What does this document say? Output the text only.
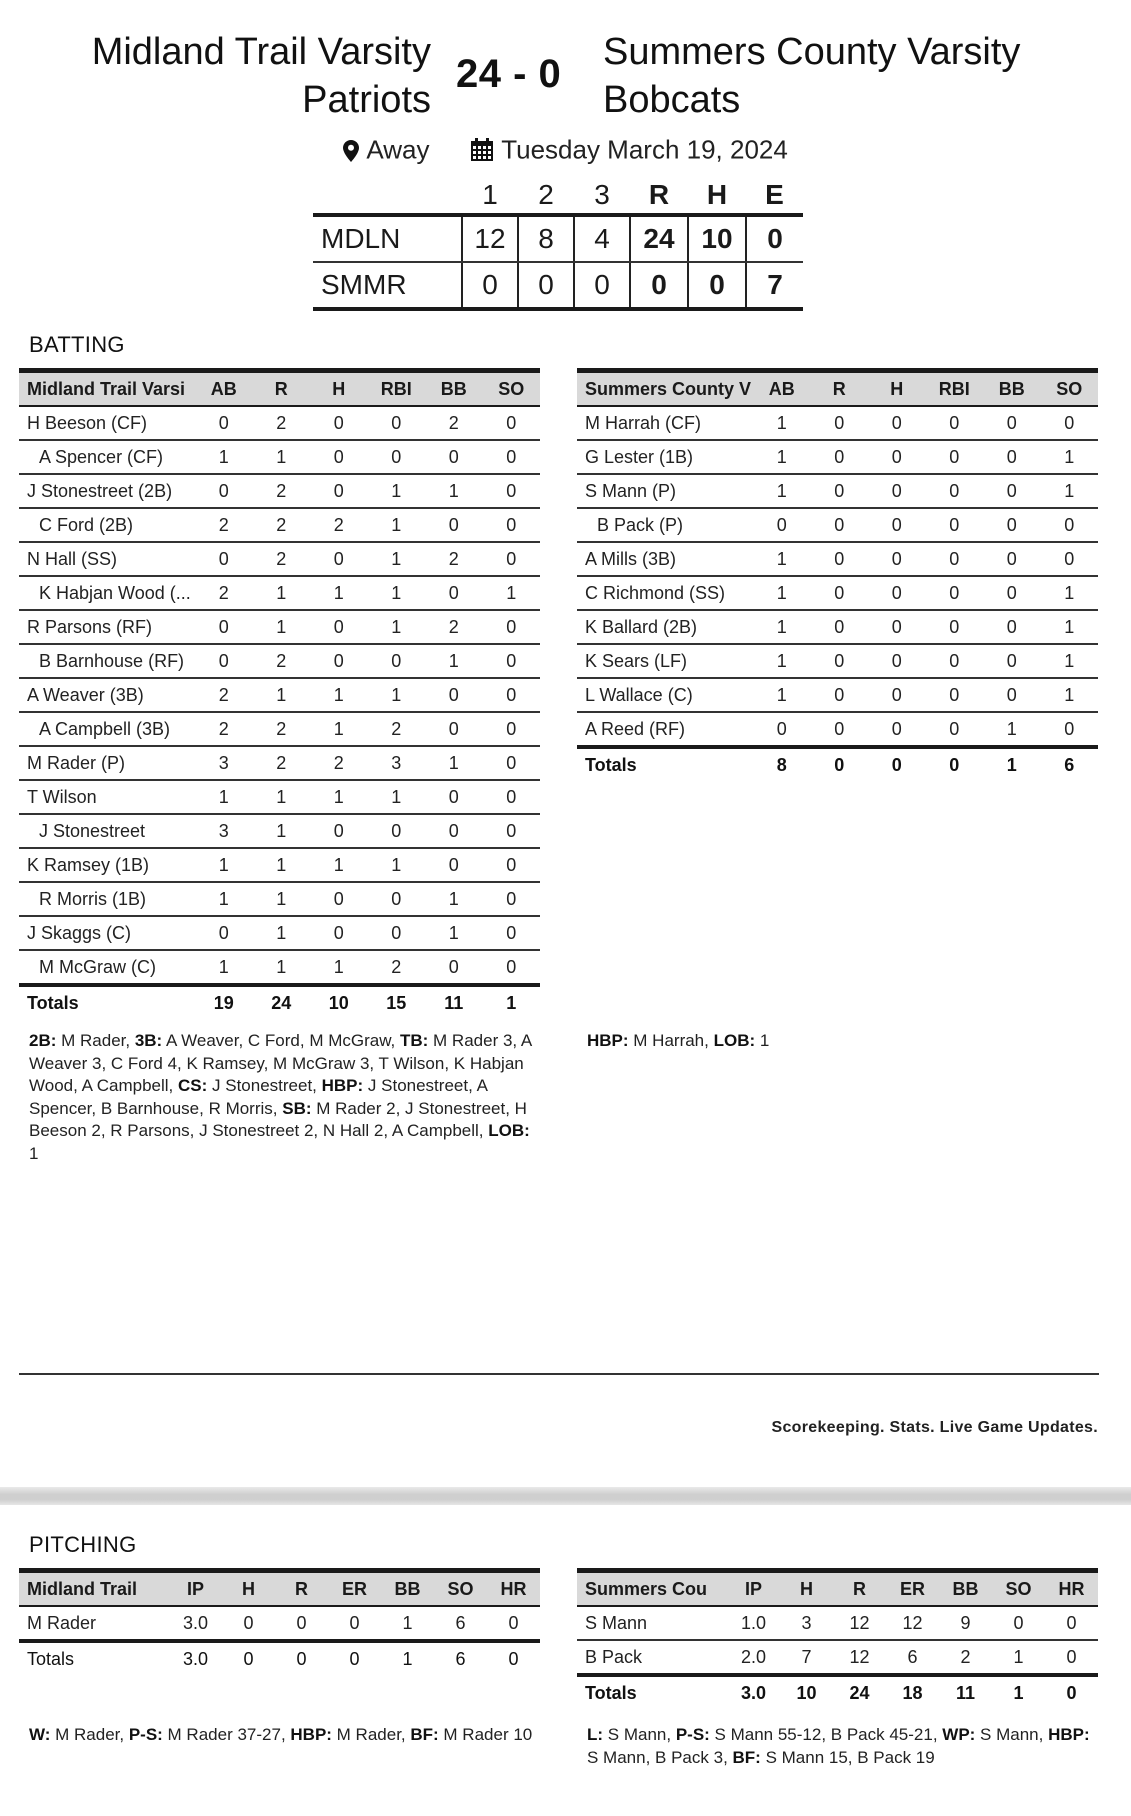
Midland Trail Varsity
Patriots
24 - 0 Summers County Varsity
Bobcats
Away	Tuesday March 19, 2024
	1	2	3	R	H	E
MDLN	12	8	4	24	10	0
SMMR	0	0	0	0	0	7
BATTING
Midland Trail Varsi	AB	R	H	RBI	BB	SO
H Beeson (CF)	0	2	0	0	2	0
A Spencer (CF)	1	1	0	0	0	0
J Stonestreet (2B)	0	2	0	1	1	0
C Ford (2B)	2	2	2	1	0	0
N Hall (SS)	0	2	0	1	2	0
K Habjan Wood (...	2	1	1	1	0	1
R Parsons (RF)	0	1	0	1	2	0
B Barnhouse (RF)	0	2	0	0	1	0
A Weaver (3B)	2	1	1	1	0	0
A Campbell (3B)	2	2	1	2	0	0
M Rader (P)	3	2	2	3	1	0
T Wilson	1	1	1	1	0	0
J Stonestreet	3	1	0	0	0	0
K Ramsey (1B)	1	1	1	1	0	0
R Morris (1B)	1	1	0	0	1	0
J Skaggs (C)	0	1	0	0	1	0
M McGraw (C)	1	1	1	2	0	0
Totals	19	24	10	15	11	1
Summers County V	AB	R	H	RBI	BB	SO
M Harrah (CF)	1	0	0	0	0	0
G Lester (1B)	1	0	0	0	0	1
S Mann (P)	1	0	0	0	0	1
B Pack (P)	0	0	0	0	0	0
A Mills (3B)	1	0	0	0	0	0
C Richmond (SS)	1	0	0	0	0	1
K Ballard (2B)	1	0	0	0	0	1
K Sears (LF)	1	0	0	0	0	1
L Wallace (C)	1	0	0	0	0	1
A Reed (RF)	0	0	0	0	1	0
Totals	8	0	0	0	1	6
2B: M Rader, 3B: A Weaver, C Ford, M McGraw, TB: M Rader 3, A Weaver 3, C Ford 4, K Ramsey, M McGraw 3, T Wilson, K Habjan Wood, A Campbell, CS: J Stonestreet, HBP: J Stonestreet, A Spencer, B Barnhouse, R Morris, SB: M Rader 2, J Stonestreet, H Beeson 2, R Parsons, J Stonestreet 2, N Hall 2, A Campbell, LOB: 1
HBP: M Harrah, LOB: 1
Scorekeeping. Stats. Live Game Updates.
PITCHING
Midland Trail	IP	H	R	ER	BB	SO	HR
M Rader	3.0	0	0	0	1	6	0
Totals	3.0	0	0	0	1	6	0
Summers Cou	IP	H	R	ER	BB	SO	HR
S Mann	1.0	3	12	12	9	0	0
B Pack	2.0	7	12	6	2	1	0
Totals	3.0	10	24	18	11	1	0
W: M Rader, P-S: M Rader 37-27, HBP: M Rader, BF: M Rader 10	L: S Mann, P-S: S Mann 55-12, B Pack 45-21, WP: S Mann, HBP: S Mann, B Pack 3, BF: S Mann 15, B Pack 19
